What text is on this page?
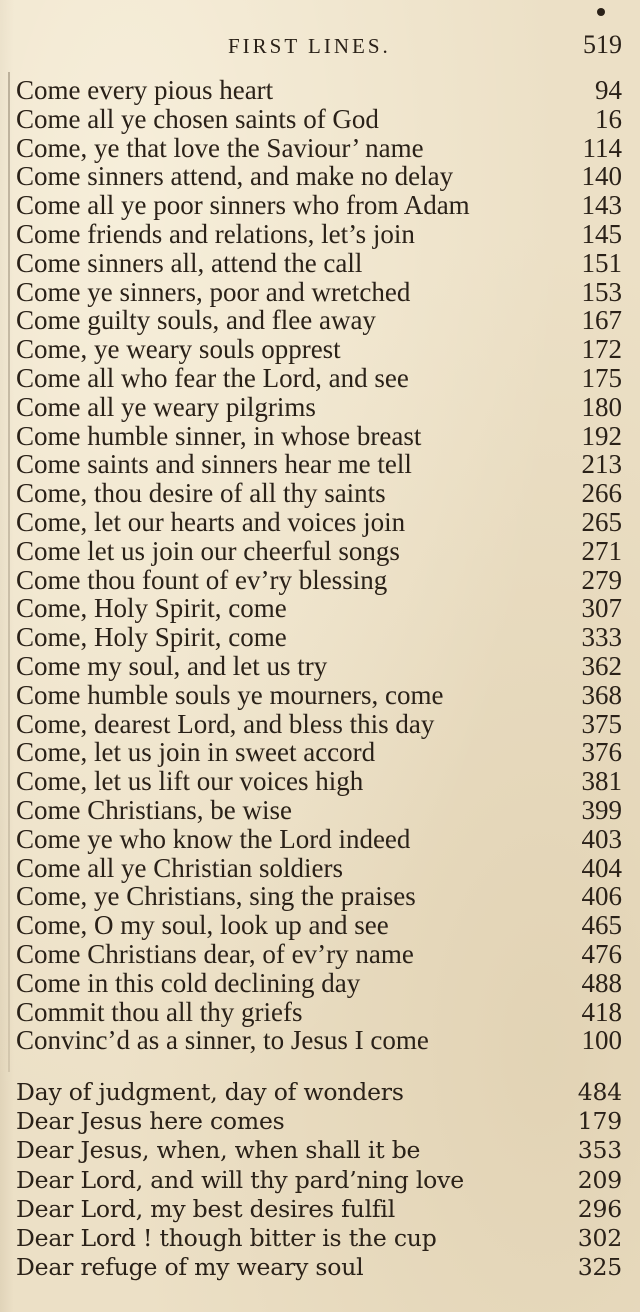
FIRST LINES.	519
Come every pious heart	94
Come all ye chosen saints of God	16
Come, ye that love the Saviour’ name	114
Come sinners attend, and make no delay	140
Come all ye poor sinners who from Adam	143
Come friends and relations, let’s join	145
Come sinners all, attend the call	151
Come ye sinners, poor and wretched	153
Come guilty souls, and flee away	167
Come, ye weary souls opprest	172
Come all who fear the Lord, and see	175
Come all ye weary pilgrims	180
Come humble sinner, in whose breast	192
Come saints and sinners hear me tell	213
Come, thou desire of all thy saints	266
Come, let our hearts and voices join	265
Come let us join our cheerful songs	271
Come thou fount of ev’ry blessing	279
Come, Holy Spirit, come	307
Come, Holy Spirit, come	333
Come my soul, and let us try	362
Come humble souls ye mourners, come	368
Come, dearest Lord, and bless this day	375
Come, let us join in sweet accord	376
Come, let us lift our voices high	381
Come Christians, be wise	399
Come ye who know the Lord indeed	403
Come all ye Christian soldiers	404
Come, ye Christians, sing the praises	406
Come, O my soul, look up and see	465
Come Christians dear, of ev’ry name	476
Come in this cold declining day	488
Commit thou all thy griefs	418
Convinc’d as a sinner, to Jesus I come	100
Day of judgment, day of wonders	484
Dear Jesus here comes	179
Dear Jesus, when, when shall it be	353
Dear Lord, and will thy pard’ning love	209
Dear Lord, my best desires fulfil	296
Dear Lord ! though bitter is the cup	302
Dear refuge of my weary soul	325
